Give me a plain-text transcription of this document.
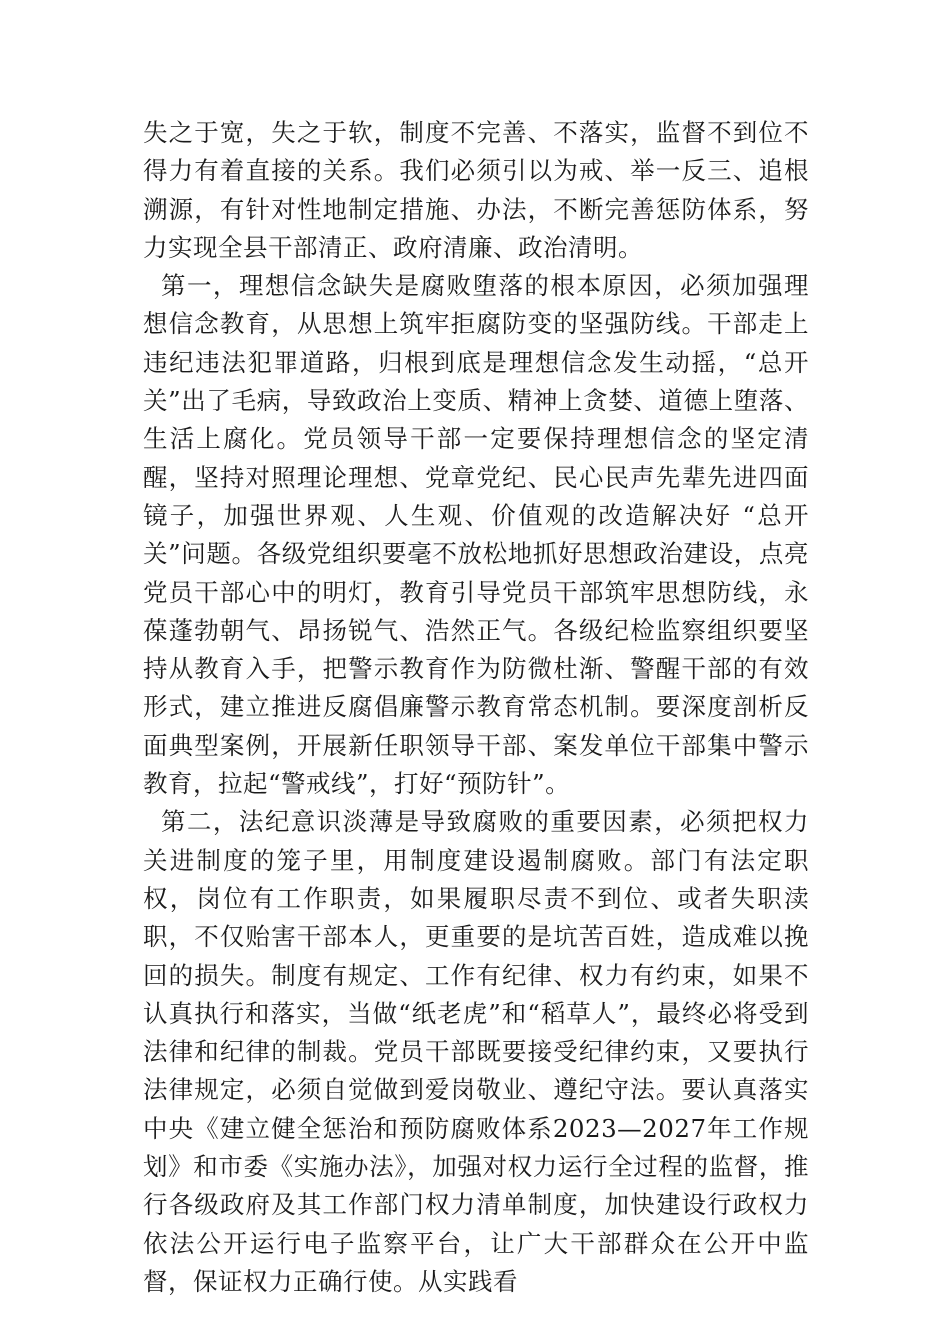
失之于宽，失之于软，制度不完善、不落实，监督不到位不得力有着直接的关系。我们必须引以为戒、举一反三、追根溯源，有针对性地制定措施、办法，不断完善惩防体系，努力实现全县干部清正、政府清廉、政治清明。

第一，理想信念缺失是腐败堕落的根本原因，必须加强理想信念教育，从思想上筑牢拒腐防变的坚强防线。干部走上违纪违法犯罪道路，归根到底是理想信念发生动摇，“总开关”出了毛病，导致政治上变质、精神上贪婪、道德上堕落、生活上腐化。党员领导干部一定要保持理想信念的坚定清醒，坚持对照理论理想、党章党纪、民心民声先辈先进四面镜子，加强世界观、人生观、价值观的改造解决好 “总开关”问题。各级党组织要毫不放松地抓好思想政治建设，点亮党员干部心中的明灯，教育引导党员干部筑牢思想防线，永葆蓬勃朝气、昂扬锐气、浩然正气。各级纪检监察组织要坚持从教育入手，把警示教育作为防微杜渐、警醒干部的有效形式，建立推进反腐倡廉警示教育常态机制。要深度剖析反面典型案例，开展新任职领导干部、案发单位干部集中警示教育，拉起“警戒线”，打好“预防针”。

第二，法纪意识淡薄是导致腐败的重要因素，必须把权力关进制度的笼子里，用制度建设遏制腐败。部门有法定职权，岗位有工作职责，如果履职尽责不到位、或者失职渎职，不仅贻害干部本人，更重要的是坑苦百姓，造成难以挽回的损失。制度有规定、工作有纪律、权力有约束，如果不认真执行和落实，当做“纸老虎”和“稻草人”，最终必将受到法律和纪律的制裁。党员干部既要接受纪律约束，又要执行法律规定，必须自觉做到爱岗敬业、遵纪守法。要认真落实中央《建立健全惩治和预防腐败体系2023—2027年工作规划》和市委《实施办法》，加强对权力运行全过程的监督，推行各级政府及其工作部门权力清单制度，加快建设行政权力依法公开运行电子监察平台，让广大干部群众在公开中监督，保证权力正确行使。从实践看
